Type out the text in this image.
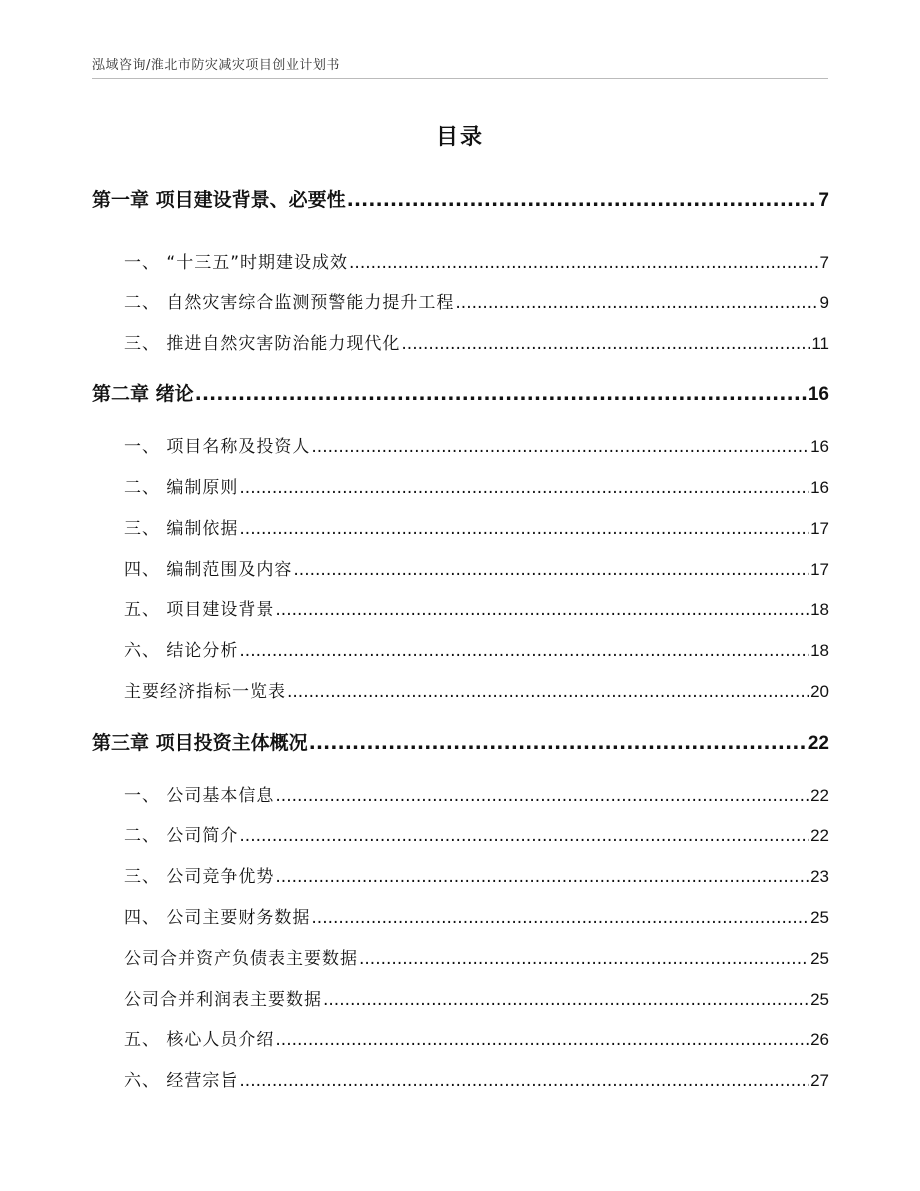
泓域咨询/淮北市防灾减灾项目创业计划书
目录
第一章 项目建设背景、必要性 .....	7
一、 “十三五”时期建设成效 .....	7
二、 自然灾害综合监测预警能力提升工程 .....	9
三、 推进自然灾害防治能力现代化 .....	11
第二章 绪论 .....	16
一、 项目名称及投资人 .....	16
二、 编制原则 .....	16
三、 编制依据 .....	17
四、 编制范围及内容 .....	17
五、 项目建设背景 .....	18
六、 结论分析 .....	18
主要经济指标一览表 .....	20
第三章 项目投资主体概况 .....	22
一、 公司基本信息 .....	22
二、 公司简介 .....	22
三、 公司竞争优势 .....	23
四、 公司主要财务数据 .....	25
公司合并资产负债表主要数据 .....	25
公司合并利润表主要数据 .....	25
五、 核心人员介绍 .....	26
六、 经营宗旨 .....	27
